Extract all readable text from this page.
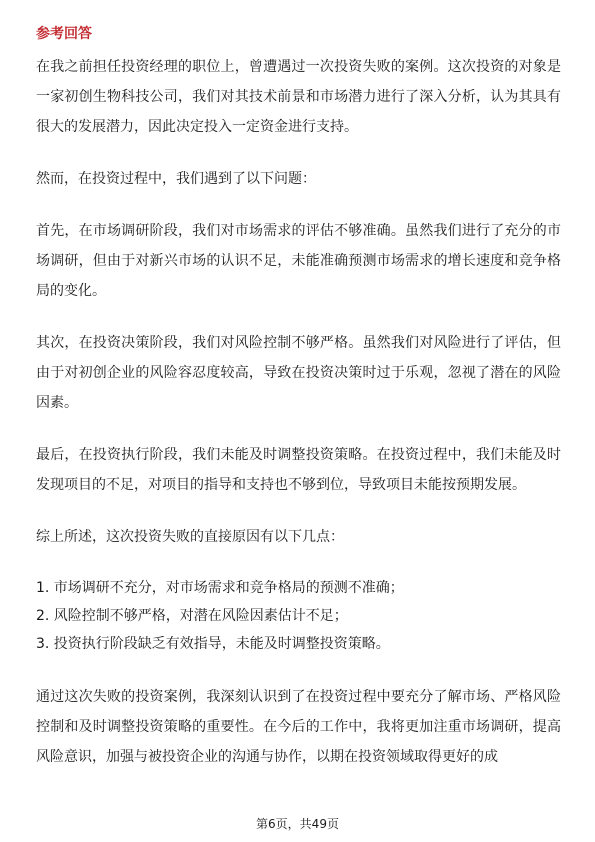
参考回答

在我之前担任投资经理的职位上，曾遭遇过一次投资失败的案例。这次投资的对象是一家初创生物科技公司，我们对其技术前景和市场潜力进行了深入分析，认为其具有很大的发展潜力，因此决定投入一定资金进行支持。

然而，在投资过程中，我们遇到了以下问题：

首先，在市场调研阶段，我们对市场需求的评估不够准确。虽然我们进行了充分的市场调研，但由于对新兴市场的认识不足，未能准确预测市场需求的增长速度和竞争格局的变化。

其次，在投资决策阶段，我们对风险控制不够严格。虽然我们对风险进行了评估，但由于对初创企业的风险容忍度较高，导致在投资决策时过于乐观，忽视了潜在的风险因素。

最后，在投资执行阶段，我们未能及时调整投资策略。在投资过程中，我们未能及时发现项目的不足，对项目的指导和支持也不够到位，导致项目未能按预期发展。

综上所述，这次投资失败的直接原因有以下几点：

1. 市场调研不充分，对市场需求和竞争格局的预测不准确；
2. 风险控制不够严格，对潜在风险因素估计不足；
3. 投资执行阶段缺乏有效指导，未能及时调整投资策略。

通过这次失败的投资案例，我深刻认识到了在投资过程中要充分了解市场、严格风险控制和及时调整投资策略的重要性。在今后的工作中，我将更加注重市场调研，提高风险意识，加强与被投资企业的沟通与协作，以期在投资领域取得更好的成

第6页，共49页
